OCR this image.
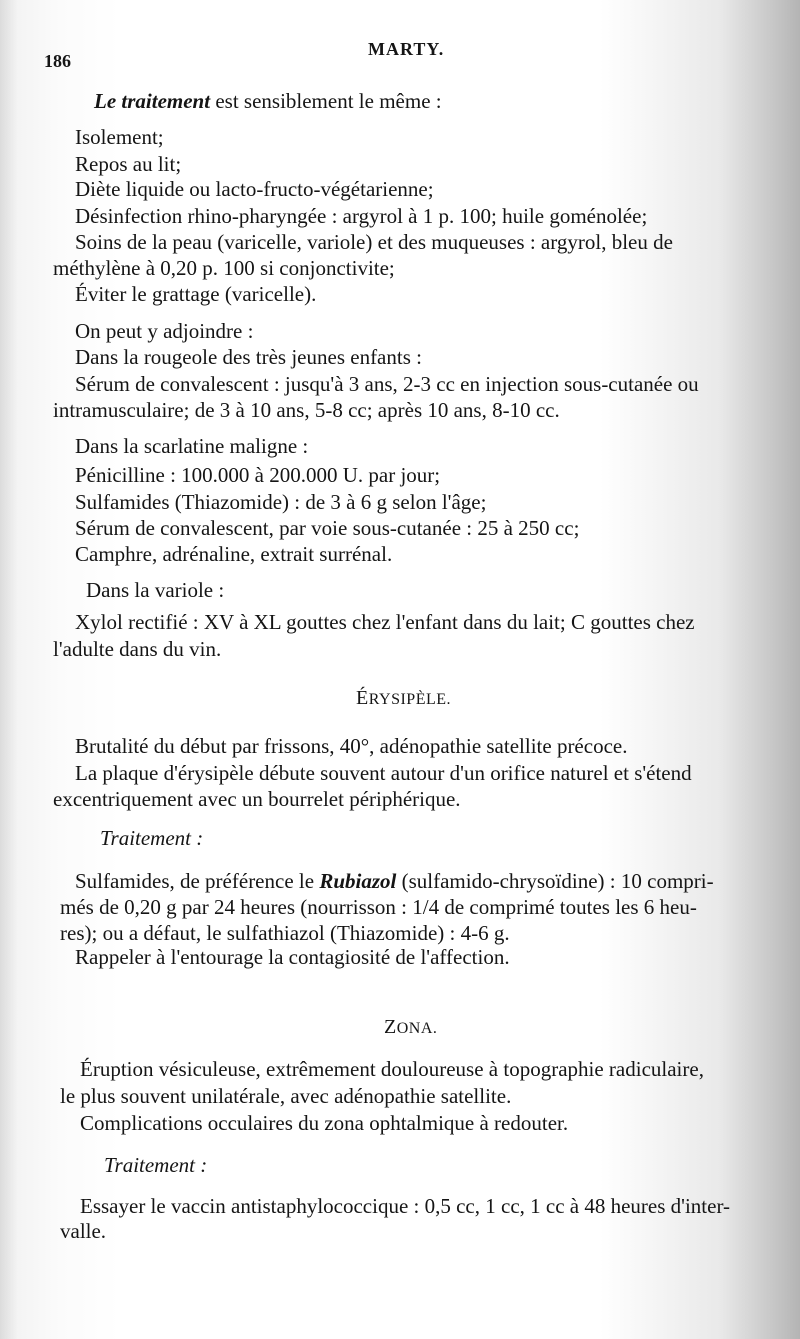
186
MARTY.
Le traitement est sensiblement le même :
Isolement;
Repos au lit;
Diète liquide ou lacto-fructo-végétarienne;
Désinfection rhino-pharyngée : argyrol à 1 p. 100; huile goménolée;
Soins de la peau (varicelle, variole) et des muqueuses : argyrol, bleu de
méthylène à 0,20 p. 100 si conjonctivite;
Éviter le grattage (varicelle).
On peut y adjoindre :
Dans la rougeole des très jeunes enfants :
Sérum de convalescent : jusqu'à 3 ans, 2-3 cc en injection sous-cutanée ou
intramusculaire; de 3 à 10 ans, 5-8 cc; après 10 ans, 8-10 cc.
Dans la scarlatine maligne :
Pénicilline : 100.000 à 200.000 U. par jour;
Sulfamides (Thiazomide) : de 3 à 6 g selon l'âge;
Sérum de convalescent, par voie sous-cutanée : 25 à 250 cc;
Camphre, adrénaline, extrait surrénal.
Dans la variole :
Xylol rectifié : XV à XL gouttes chez l'enfant dans du lait; C gouttes chez
l'adulte dans du vin.
ÉRYSIPÈLE.
Brutalité du début par frissons, 40°, adénopathie satellite précoce.
La plaque d'érysipèle débute souvent autour d'un orifice naturel et s'étend
excentriquement avec un bourrelet périphérique.
Traitement :
Sulfamides, de préférence le Rubiazol (sulfamido-chrysoïdine) : 10 compri-
més de 0,20 g par 24 heures (nourrisson : 1/4 de comprimé toutes les 6 heu-
res); ou a défaut, le sulfathiazol (Thiazomide) : 4-6 g.
Rappeler à l'entourage la contagiosité de l'affection.
ZONA.
Éruption vésiculeuse, extrêmement douloureuse à topographie radiculaire,
le plus souvent unilatérale, avec adénopathie satellite.
Complications occulaires du zona ophtalmique à redouter.
Traitement :
Essayer le vaccin antistaphylococcique : 0,5 cc, 1 cc, 1 cc à 48 heures d'inter-
valle.
